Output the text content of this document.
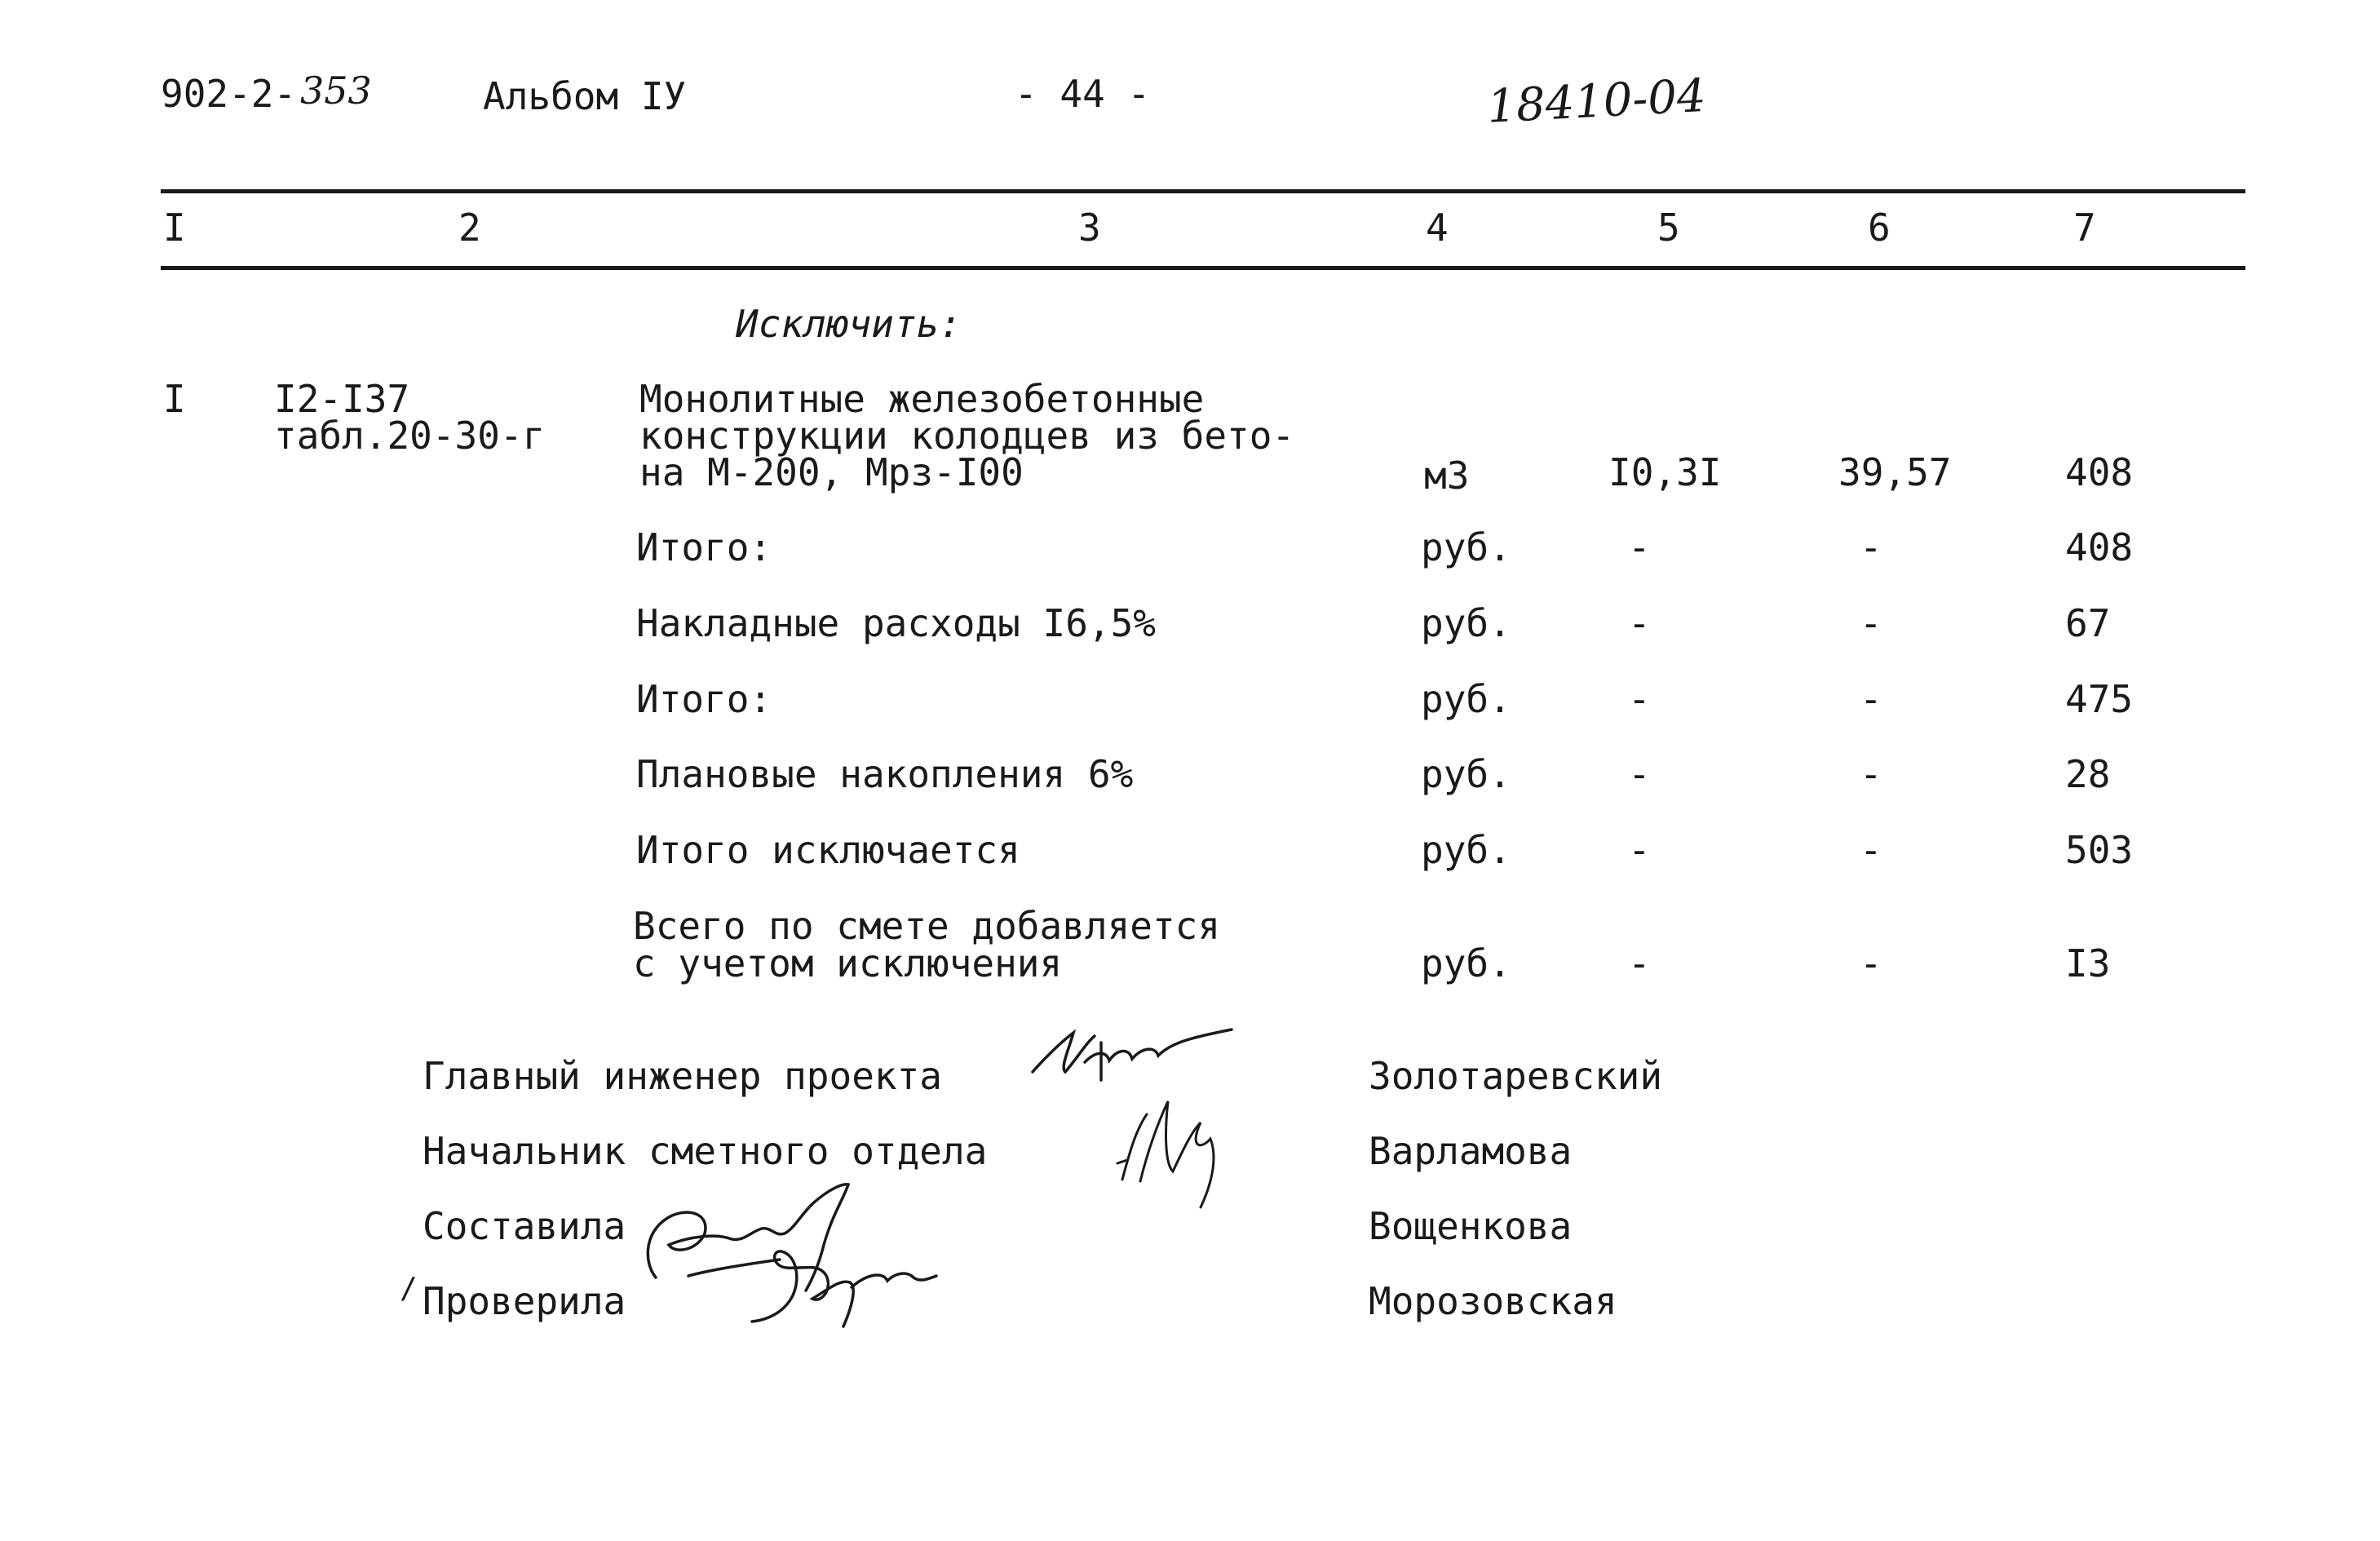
902-2- 353	Альбом IУ	- 44 -	18410-04
I	2	3	4	5	6	7
Исключить:
I I2-I37
табл.20-30-г
Монолитные железобетонные
конструкции колодцев из бето-
на М-200, Мрз-I00	м3	I0,3I	39,57	408
Итого:	руб.	-	-	408
Накладные расходы I6,5%	руб.	-	-	67
Итого:	руб.	-	-	475
Плановые накопления 6%	руб.	-	-	28
Итого исключается	руб.	-	-	503
Всего по смете добавляется
с учетом исключения	руб.	-	-	I3
Главный инженер проекта	Золотаревский
Начальник сметного отдела	Варламова
Составила	Вощенкова
/ Проверила	Морозовская
